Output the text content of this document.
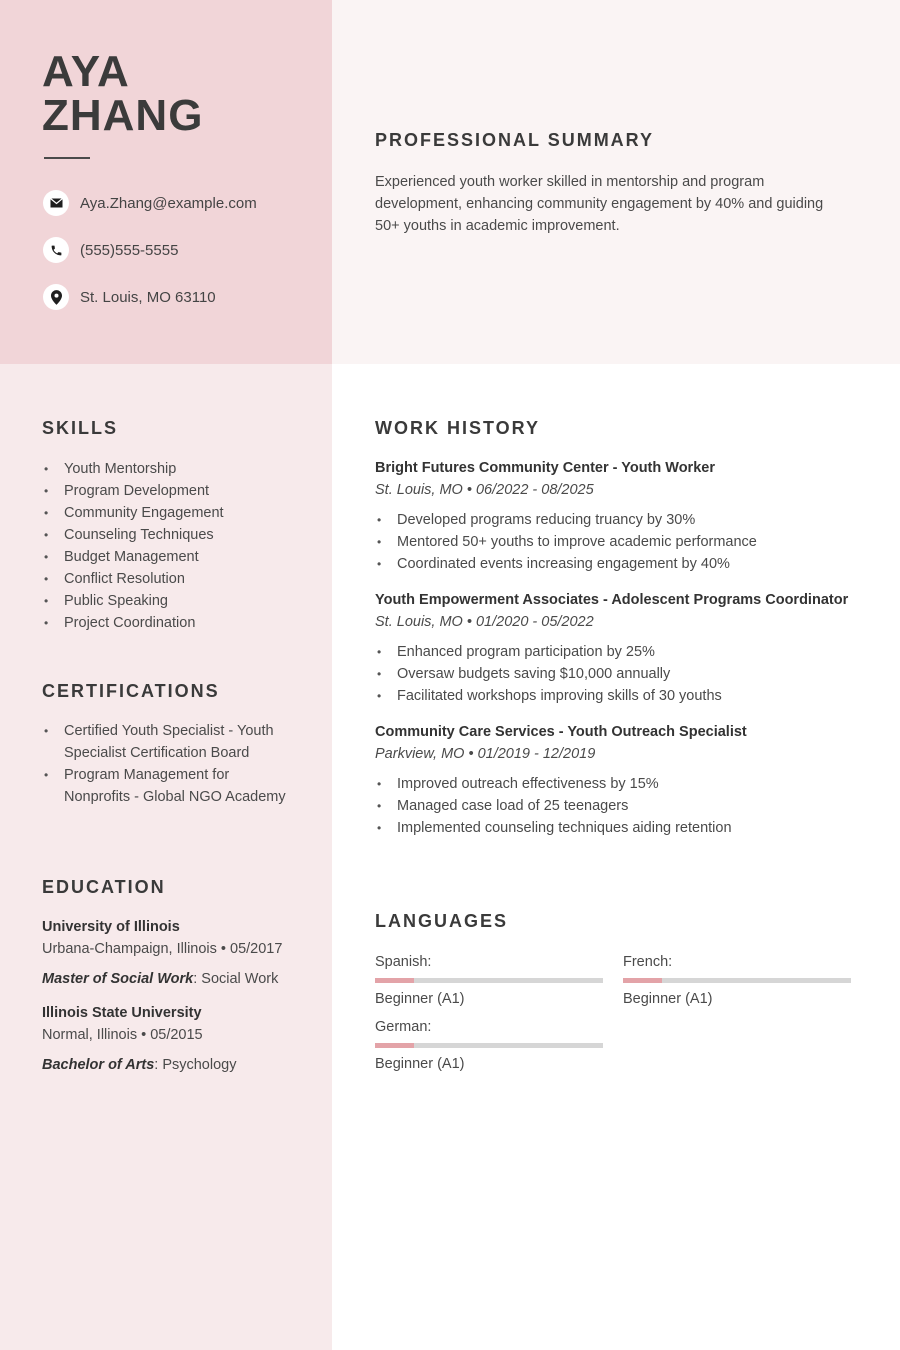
AYA
ZHANG
Aya.Zhang@example.com
(555)555-5555
St. Louis, MO 63110
PROFESSIONAL SUMMARY
Experienced youth worker skilled in mentorship and program development, enhancing community engagement by 40% and guiding 50+ youths in academic improvement.
SKILLS
• Youth Mentorship
• Program Development
• Community Engagement
• Counseling Techniques
• Budget Management
• Conflict Resolution
• Public Speaking
• Project Coordination
CERTIFICATIONS
• Certified Youth Specialist - Youth Specialist Certification Board
• Program Management for Nonprofits - Global NGO Academy
EDUCATION
University of Illinois
Urbana-Champaign, Illinois • 05/2017
Master of Social Work: Social Work
Illinois State University
Normal, Illinois • 05/2015
Bachelor of Arts: Psychology
WORK HISTORY
Bright Futures Community Center - Youth Worker
St. Louis, MO • 06/2022 - 08/2025
• Developed programs reducing truancy by 30%
• Mentored 50+ youths to improve academic performance
• Coordinated events increasing engagement by 40%
Youth Empowerment Associates - Adolescent Programs Coordinator
St. Louis, MO • 01/2020 - 05/2022
• Enhanced program participation by 25%
• Oversaw budgets saving $10,000 annually
• Facilitated workshops improving skills of 30 youths
Community Care Services - Youth Outreach Specialist
Parkview, MO • 01/2019 - 12/2019
• Improved outreach effectiveness by 15%
• Managed case load of 25 teenagers
• Implemented counseling techniques aiding retention
LANGUAGES
Spanish:
Beginner (A1)
French:
Beginner (A1)
German:
Beginner (A1)
